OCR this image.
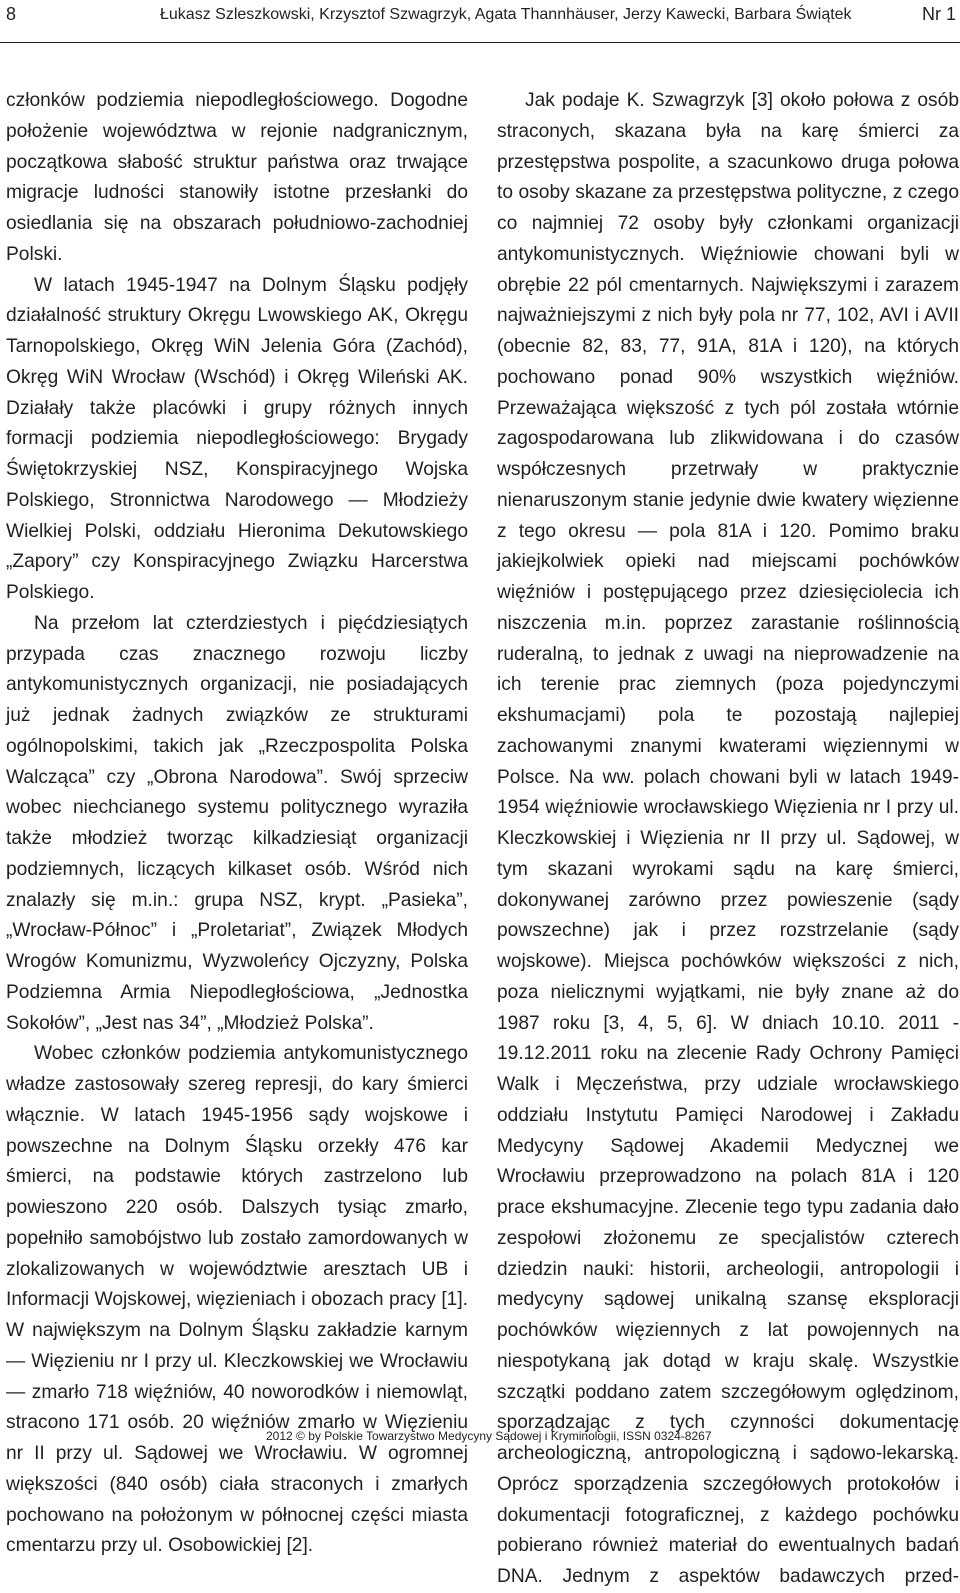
8	Łukasz Szleszkowski, Krzysztof Szwagrzyk, Agata Thannhäuser, Jerzy Kawecki, Barbara Świątek	Nr 1

członków podziemia niepodległościowego. Dogodne położenie województwa w rejonie nadgranicznym, początkowa słabość struktur państwa oraz trwające migracje ludności stanowiły istotne przesłanki do osiedlania się na obszarach południowo-zachodniej Polski.

W latach 1945-1947 na Dolnym Śląsku podjęły działalność struktury Okręgu Lwowskiego AK, Okręgu Tarnopolskiego, Okręg WiN Jelenia Góra (Zachód), Okręg WiN Wrocław (Wschód) i Okręg Wileński AK. Działały także placówki i grupy różnych innych formacji podziemia niepodległościowego: Brygady Świętokrzyskiej NSZ, Konspiracyjnego Wojska Polskiego, Stronnictwa Narodowego — Młodzieży Wielkiej Polski, oddziału Hieronima Dekutowskiego „Zapory” czy Konspiracyjnego Związku Harcerstwa Polskiego.

Na przełom lat czterdziestych i pięćdziesiątych przypada czas znacznego rozwoju liczby antykomunistycznych organizacji, nie posiadających już jednak żadnych związków ze strukturami ogólnopolskimi, takich jak „Rzeczpospolita Polska Walcząca” czy „Obrona Narodowa”. Swój sprzeciw wobec niechcianego systemu politycznego wyraziła także młodzież tworząc kilkadziesiąt organizacji podziemnych, liczących kilkaset osób. Wśród nich znalazły się m.in.: grupa NSZ, krypt. „Pasieka”, „Wrocław-Północ” i „Proletariat”, Związek Młodych Wrogów Komunizmu, Wyzwoleńcy Ojczyzny, Polska Podziemna Armia Niepodległościowa, „Jednostka Sokołów”, „Jest nas 34”, „Młodzież Polska”.

Wobec członków podziemia antykomunistycznego władze zastosowały szereg represji, do kary śmierci włącznie. W latach 1945-1956 sądy wojskowe i powszechne na Dolnym Śląsku orzekły 476 kar śmierci, na podstawie których zastrzelono lub powieszono 220 osób. Dalszych tysiąc zmarło, popełniło samobójstwo lub zostało zamordowanych w zlokalizowanych w województwie aresztach UB i Informacji Wojskowej, więzieniach i obozach pracy [1]. W największym na Dolnym Śląsku zakładzie karnym — Więzieniu nr I przy ul. Kleczkowskiej we Wrocławiu — zmarło 718 więźniów, 40 noworodków i niemowląt, stracono 171 osób. 20 więźniów zmarło w Więzieniu nr II przy ul. Sądowej we Wrocławiu. W ogromnej większości (840 osób) ciała straconych i zmarłych pochowano na położonym w północnej części miasta cmentarzu przy ul. Osobowickiej [2].

Jak podaje K. Szwagrzyk [3] około połowa z osób straconych, skazana była na karę śmierci za przestępstwa pospolite, a szacunkowo druga połowa to osoby skazane za przestępstwa polityczne, z czego co najmniej 72 osoby były członkami organizacji antykomunistycznych. Więźniowie chowani byli w obrębie 22 pól cmentarnych. Największymi i zarazem najważniejszymi z nich były pola nr 77, 102, AVI i AVII (obecnie 82, 83, 77, 91A, 81A i 120), na których pochowano ponad 90% wszystkich więźniów. Przeważająca większość z tych pól została wtórnie zagospodarowana lub zlikwidowana i do czasów współczesnych przetrwały w praktycznie nienaruszonym stanie jedynie dwie kwatery więzienne z tego okresu — pola 81A i 120. Pomimo braku jakiejkolwiek opieki nad miejscami pochówków więźniów i postępującego przez dziesięciolecia ich niszczenia m.in. poprzez zarastanie roślinnością ruderalną, to jednak z uwagi na nieprowadzenie na ich terenie prac ziemnych (poza pojedynczymi ekshumacjami) pola te pozostają najlepiej zachowanymi znanymi kwaterami więziennymi w Polsce. Na ww. polach chowani byli w latach 1949-1954 więźniowie wrocławskiego Więzienia nr I przy ul. Kleczkowskiej i Więzienia nr II przy ul. Sądowej, w tym skazani wyrokami sądu na karę śmierci, dokonywanej zarówno przez powieszenie (sądy powszechne) jak i przez rozstrzelanie (sądy wojskowe). Miejsca pochówków większości z nich, poza nielicznymi wyjątkami, nie były znane aż do 1987 roku [3, 4, 5, 6]. W dniach 10.10. 2011 - 19.12.2011 roku na zlecenie Rady Ochrony Pamięci Walk i Męczeństwa, przy udziale wrocławskiego oddziału Instytutu Pamięci Narodowej i Zakładu Medycyny Sądowej Akademii Medycznej we Wrocławiu przeprowadzono na polach 81A i 120 prace ekshumacyjne. Zlecenie tego typu zadania dało zespołowi złożonemu ze specjalistów czterech dziedzin nauki: historii, archeologii, antropologii i medycyny sądowej unikalną szansę eksploracji pochówków więziennych z lat powojennych na niespotykaną jak dotąd w kraju skalę. Wszystkie szczątki poddano zatem szczegółowym oględzinom, sporządzając z tych czynności dokumentację archeologiczną, antropologiczną i sądowo-lekarską. Oprócz sporządzenia szczegółowych protokołów i dokumentacji fotograficznej, z każdego pochówku pobierano również materiał do ewentualnych badań DNA. Jednym z aspektów badawczych przed-

2012 © by Polskie Towarzystwo Medycyny Sądowej i Kryminologii, ISSN 0324-8267
